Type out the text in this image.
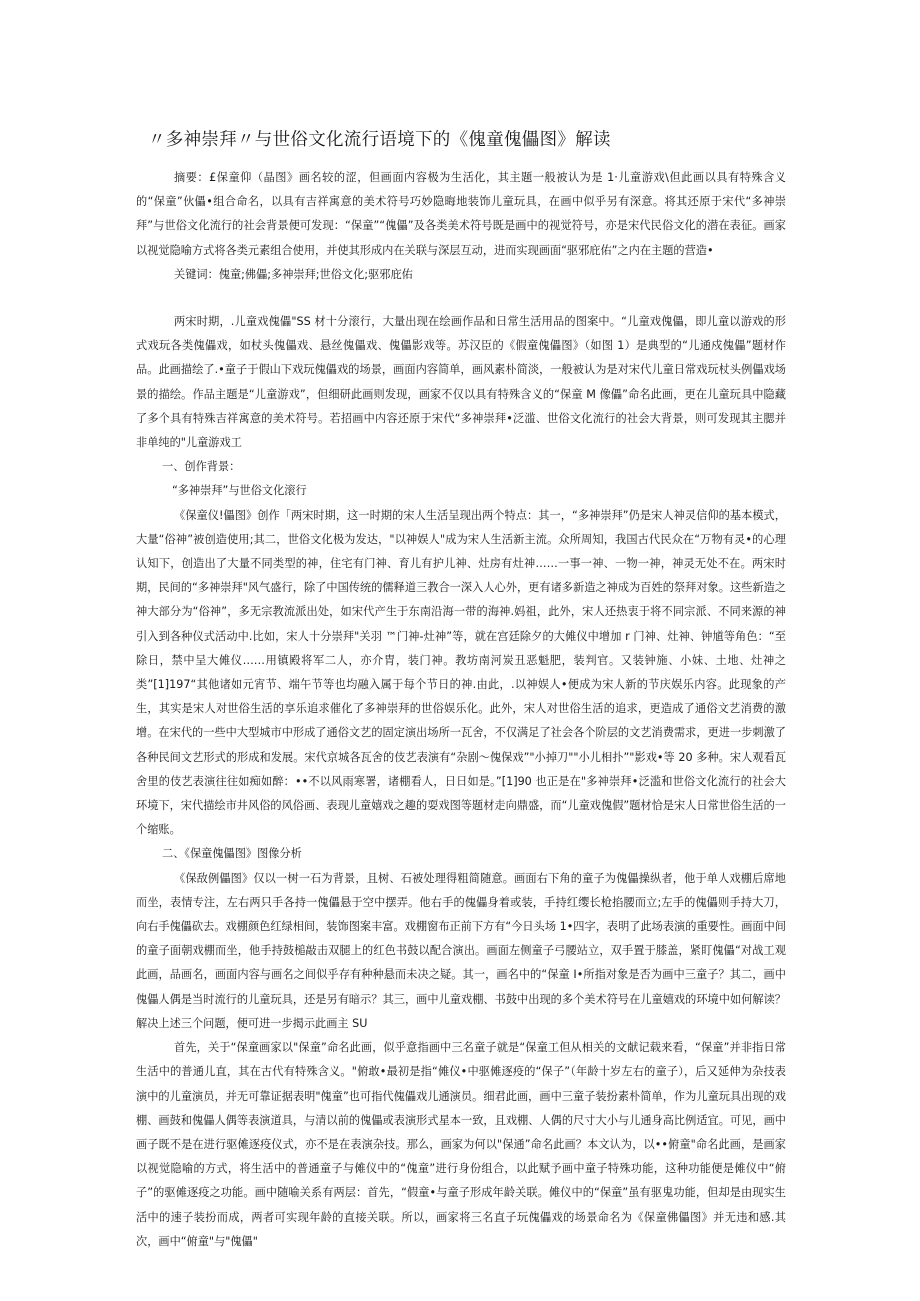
〃多神崇拜〃与世俗文化流行语境下的《傀童傀儡图》解读

摘要：£保童仰（晶图》画名较的涩，但画面内容极为生活化，其主题一般被认为是 1·儿童游戏\但此画以具有特殊含义的“保童”伙儡•组合命名，以具有吉祥寓意的美术符号巧妙隐晦地装饰儿童玩具，在画中似乎另有深意。将其还原于宋代“多神崇拜”与世俗文化流行的社会背景便可发现：“保童”“傀儡”及各类美术符号既是画中的视觉符号，亦是宋代民俗文化的潜在表征。画家以视觉隐喻方式将各类元素组合使用，并使其形成内在关联与深层互动，进而实现画面“驱邪庇佑”之内在主题的营造•

关键词：傀童;佛儡;多神崇拜;世俗文化;驱邪庇佑

两宋时期，.儿童戏傀儡"SS 材十分滚行，大量出现在绘画作品和日常生活用品的图案中。“儿童戏傀儡，即儿童以游戏的形式戏玩各类傀儡戏，如杖头傀儡戏、悬丝傀儡戏、傀儡影戏等。苏汉臣的《假童傀儡图》（如图 1）是典型的“儿通戍傀儡”题材作品。此画描绘了.•童子于假山下戏玩傀儡戏的场景，画面内容简单，画风素朴简淡，一般被认为是对宋代儿童日常戏玩杖头例儡戏场景的描绘。作品主题是“儿童游戏”，但细研此画则发现，画家不仅以具有特殊含义的“保童 M 像儡”命名此画，更在儿童玩具中隐藏了多个具有特殊吉祥寓意的美术符号。若招画中内容还原于宋代“多神崇拜•泛滥、世俗文化流行的社会大背景，则可发现其主腮并非单纯的"儿童游戏工

一、创作背景：

“多神崇拜”与世俗文化滚行

《保童仪!儡图》创作「两宋时期，这一时期的宋人生活呈现出两个特点：其一，“多神崇拜”仍是宋人神灵信仰的基本模式，大量“俗神”被创造使用;其二，世俗文化极为发达，"以神娱人"成为宋人生活新主流。众所周知，我国古代民众在“万物有灵•的心理认知下，创造出了大量不同类型的神，住宅有门神、育儿有护儿神、灶房有灶神……一事一神、一物一神，神灵无处不在。两宋时期，民间的“多神崇拜"风气盛行，除了中国传统的儒释道三教合一深入人心外，更有诸多新造之神成为百姓的祭拜对象。这些新造之神大部分为“俗神”，多无宗教流派出处，如宋代产生于东南沿海一带的海神.妈祖，此外，宋人还热衷于将不同宗派、不同来源的神引入到各种仪式活动中.比如，宋人十分崇拜"关羽 ™门神-灶神”等，就在宫廷除夕的大傩仪中增加 r 门神、灶神、钟馗等角色：“至除日，禁中呈大傩仪……用镇殿将军二人，亦介胄，装门神。教坊南河炭丑恶魁肥，装判官。又装钟施、小妹、土地、灶神之类”[1]197“其他诸如元宵节、端午节等也均融入属于每个节日的神.由此，.以神娱人•便成为宋人新的节庆娱乐内容。此现象的产生，其实是宋人对世俗生活的享乐追求催化了多神崇拜的世俗娱乐化。此外，宋人对世俗生活的追求，更造成了通俗文艺消费的激增。在宋代的一些中大型城市中形成了通俗文艺的固定演出场所一瓦舍，不仅满足了社会各个阶层的文艺消费需求，更进一步刺激了各种民间文艺形式的形成和发展。宋代京城各瓦舍的伎艺表演有“杂剧～傀保戏”"小掉刀""小儿相扑”"影戏•等 20 多种。宋人观看瓦舍里的伎艺表演往往如痴如醉：••不以风雨寒署，诸棚看人，日日如是。”[1]90 也正是在"多神崇拜•泛滥和世俗文化流行的社会大环境下，宋代描绘市井风俗的风俗画、表现儿童嬉戏之趣的耍戏图等题材走向鼎盛，而“儿童戏傀假”题材恰是宋人日常世俗生活的一个缩账。

二、《保童傀儡图》图像分析

《保敌例儡图》仅以一树一石为背景，且树、石被处理得粗简随意。画面右下角的童子为傀儡操纵者，他于单人戏棚后席地而坐，表情专注，左右两只手各持一傀儡悬于空中摆弄。他右手的傀儡身着或装，手持红缨长枪掐腰而立;左手的傀儡则手持大刀，向右手傀儡砍去。戏棚颜色红绿相间，装饰图案丰富。戏棚窗布正前下方有“今日头场 1•四字，表明了此场表演的重要性。画面中间的童子面朝戏棚而坐，他手持鼓槌敲击双腿上的红色书鼓以配合演出。画面左侧童子弓腰站立，双手置于膝盖，紧盯傀儡“对战工观此画，品画名，画面内容与画名之间似乎存有种种悬而未决之疑。其一，画名中的“保童 I•所指对象是否为画中三童子？其二，画中傀儡人偶是当时流行的儿童玩具，还是另有暗示？其三，画中儿童戏棚、书鼓中出现的多个美术符号在儿童嬉戏的环境中如何解读？解决上述三个问题，便可进一步揭示此画主 SU

首先，关于“保童画家以"保童”命名此画，似乎意指画中三名童子就是“保童工但从相关的文献记载来看，“保童”并非指日常生活中的普通儿直，其在古代有特殊含义。"俯敢•最初是指“傩仪•中驱傩逐疫的“保子”（年龄十岁左右的童子），后又延伸为杂技表演中的儿童演员，并无可靠证据表明"傀童”也可指代傀儡戏儿通演员。细君此画，画中三童子装扮素朴简单，作为儿童玩具出现的戏棚、画鼓和傀儡人偶等表演道具，与清以前的傀儡或表演形式星本一致，且戏棚、人偶的尺寸大小与儿通身高比例适宜。可见，画中画子既不是在进行驱傩逐疫仪式，亦不是在表演杂技。那么，画家为何以"保通”命名此画？本文认为，以••俯童"命名此画，是画家以视觉隐喻的方式，将生活中的普通童子与傩仪中的“傀童”进行身份组合，以此赋予画中童子特殊功能，这种功能便是傩仪中“俯子”的驱傩逐疫之功能。画中随喻关系有两层：首先，“假童•与童子形成年龄关联。傩仪中的“保童”虽有驱鬼功能，但却是由现实生活中的速子装扮而成，两者可实现年龄的直接关联。所以，画家将三名直子玩傀儡戏的场景命名为《保童佛儡图》并无违和感.其次，画中“俯童"与"傀儡"
